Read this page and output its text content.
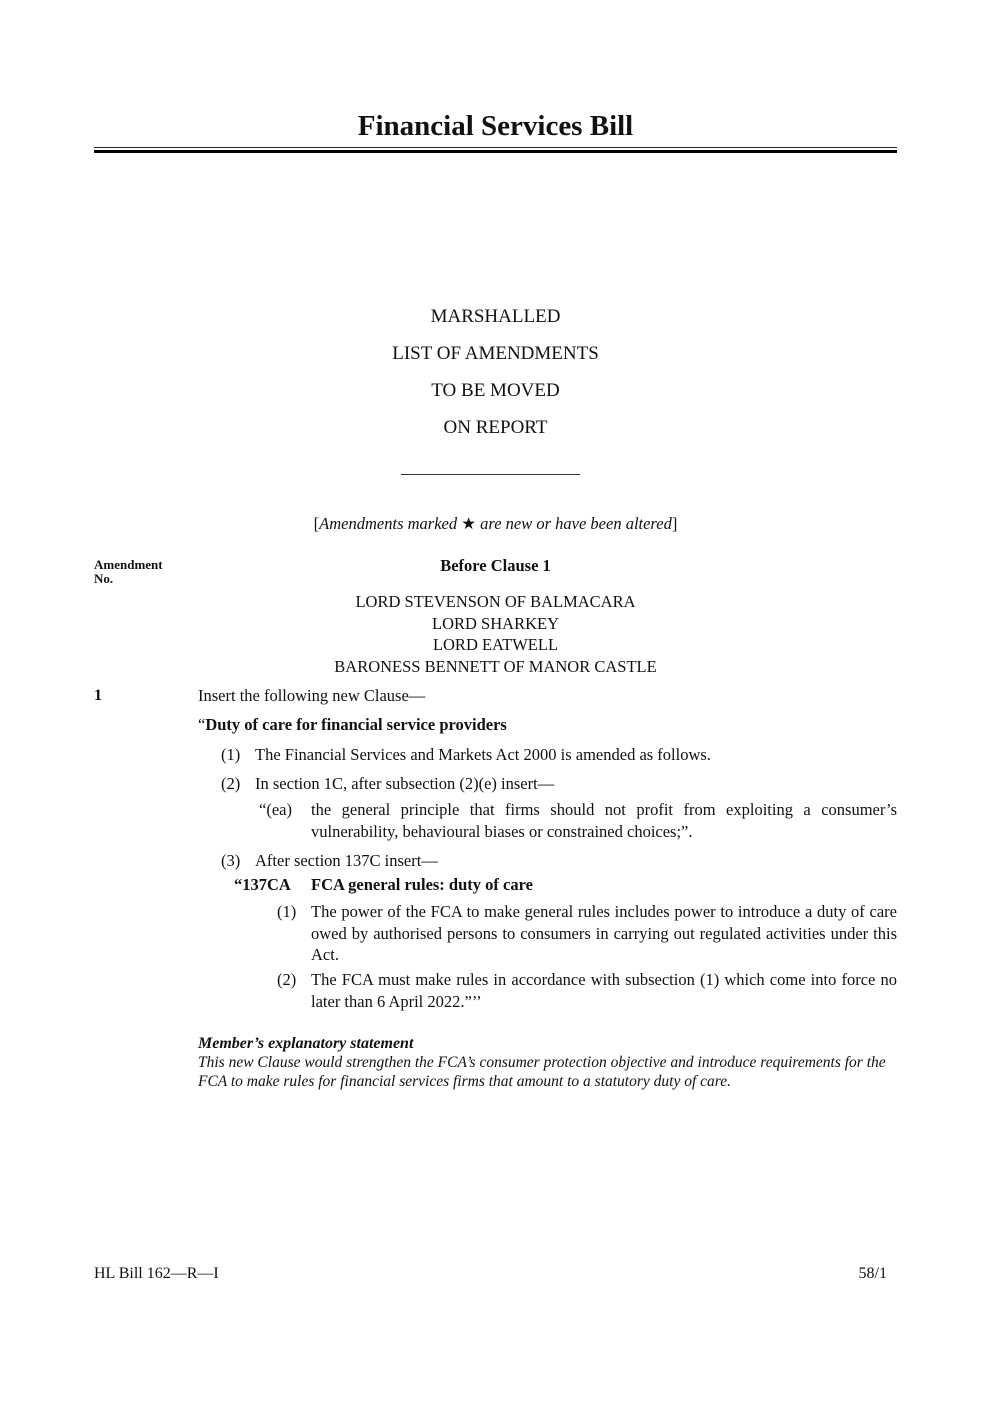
Financial Services Bill
MARSHALLED
LIST OF AMENDMENTS
TO BE MOVED
ON REPORT
[Amendments marked ★ are new or have been altered]
Amendment
No.
Before Clause 1
LORD STEVENSON OF BALMACARA
LORD SHARKEY
LORD EATWELL
BARONESS BENNETT OF MANOR CASTLE
1	Insert the following new Clause—
“Duty of care for financial service providers
(1) The Financial Services and Markets Act 2000 is amended as follows.
(2) In section 1C, after subsection (2)(e) insert—
“(ea) the general principle that firms should not profit from exploiting a consumer’s vulnerability, behavioural biases or constrained choices;”.
(3) After section 137C insert—
“137CA FCA general rules: duty of care
(1) The power of the FCA to make general rules includes power to introduce a duty of care owed by authorised persons to consumers in carrying out regulated activities under this Act.
(2) The FCA must make rules in accordance with subsection (1) which come into force no later than 6 April 2022.”’’
Member’s explanatory statement
This new Clause would strengthen the FCA’s consumer protection objective and introduce requirements for the FCA to make rules for financial services firms that amount to a statutory duty of care.
HL Bill 162—R—I	58/1
